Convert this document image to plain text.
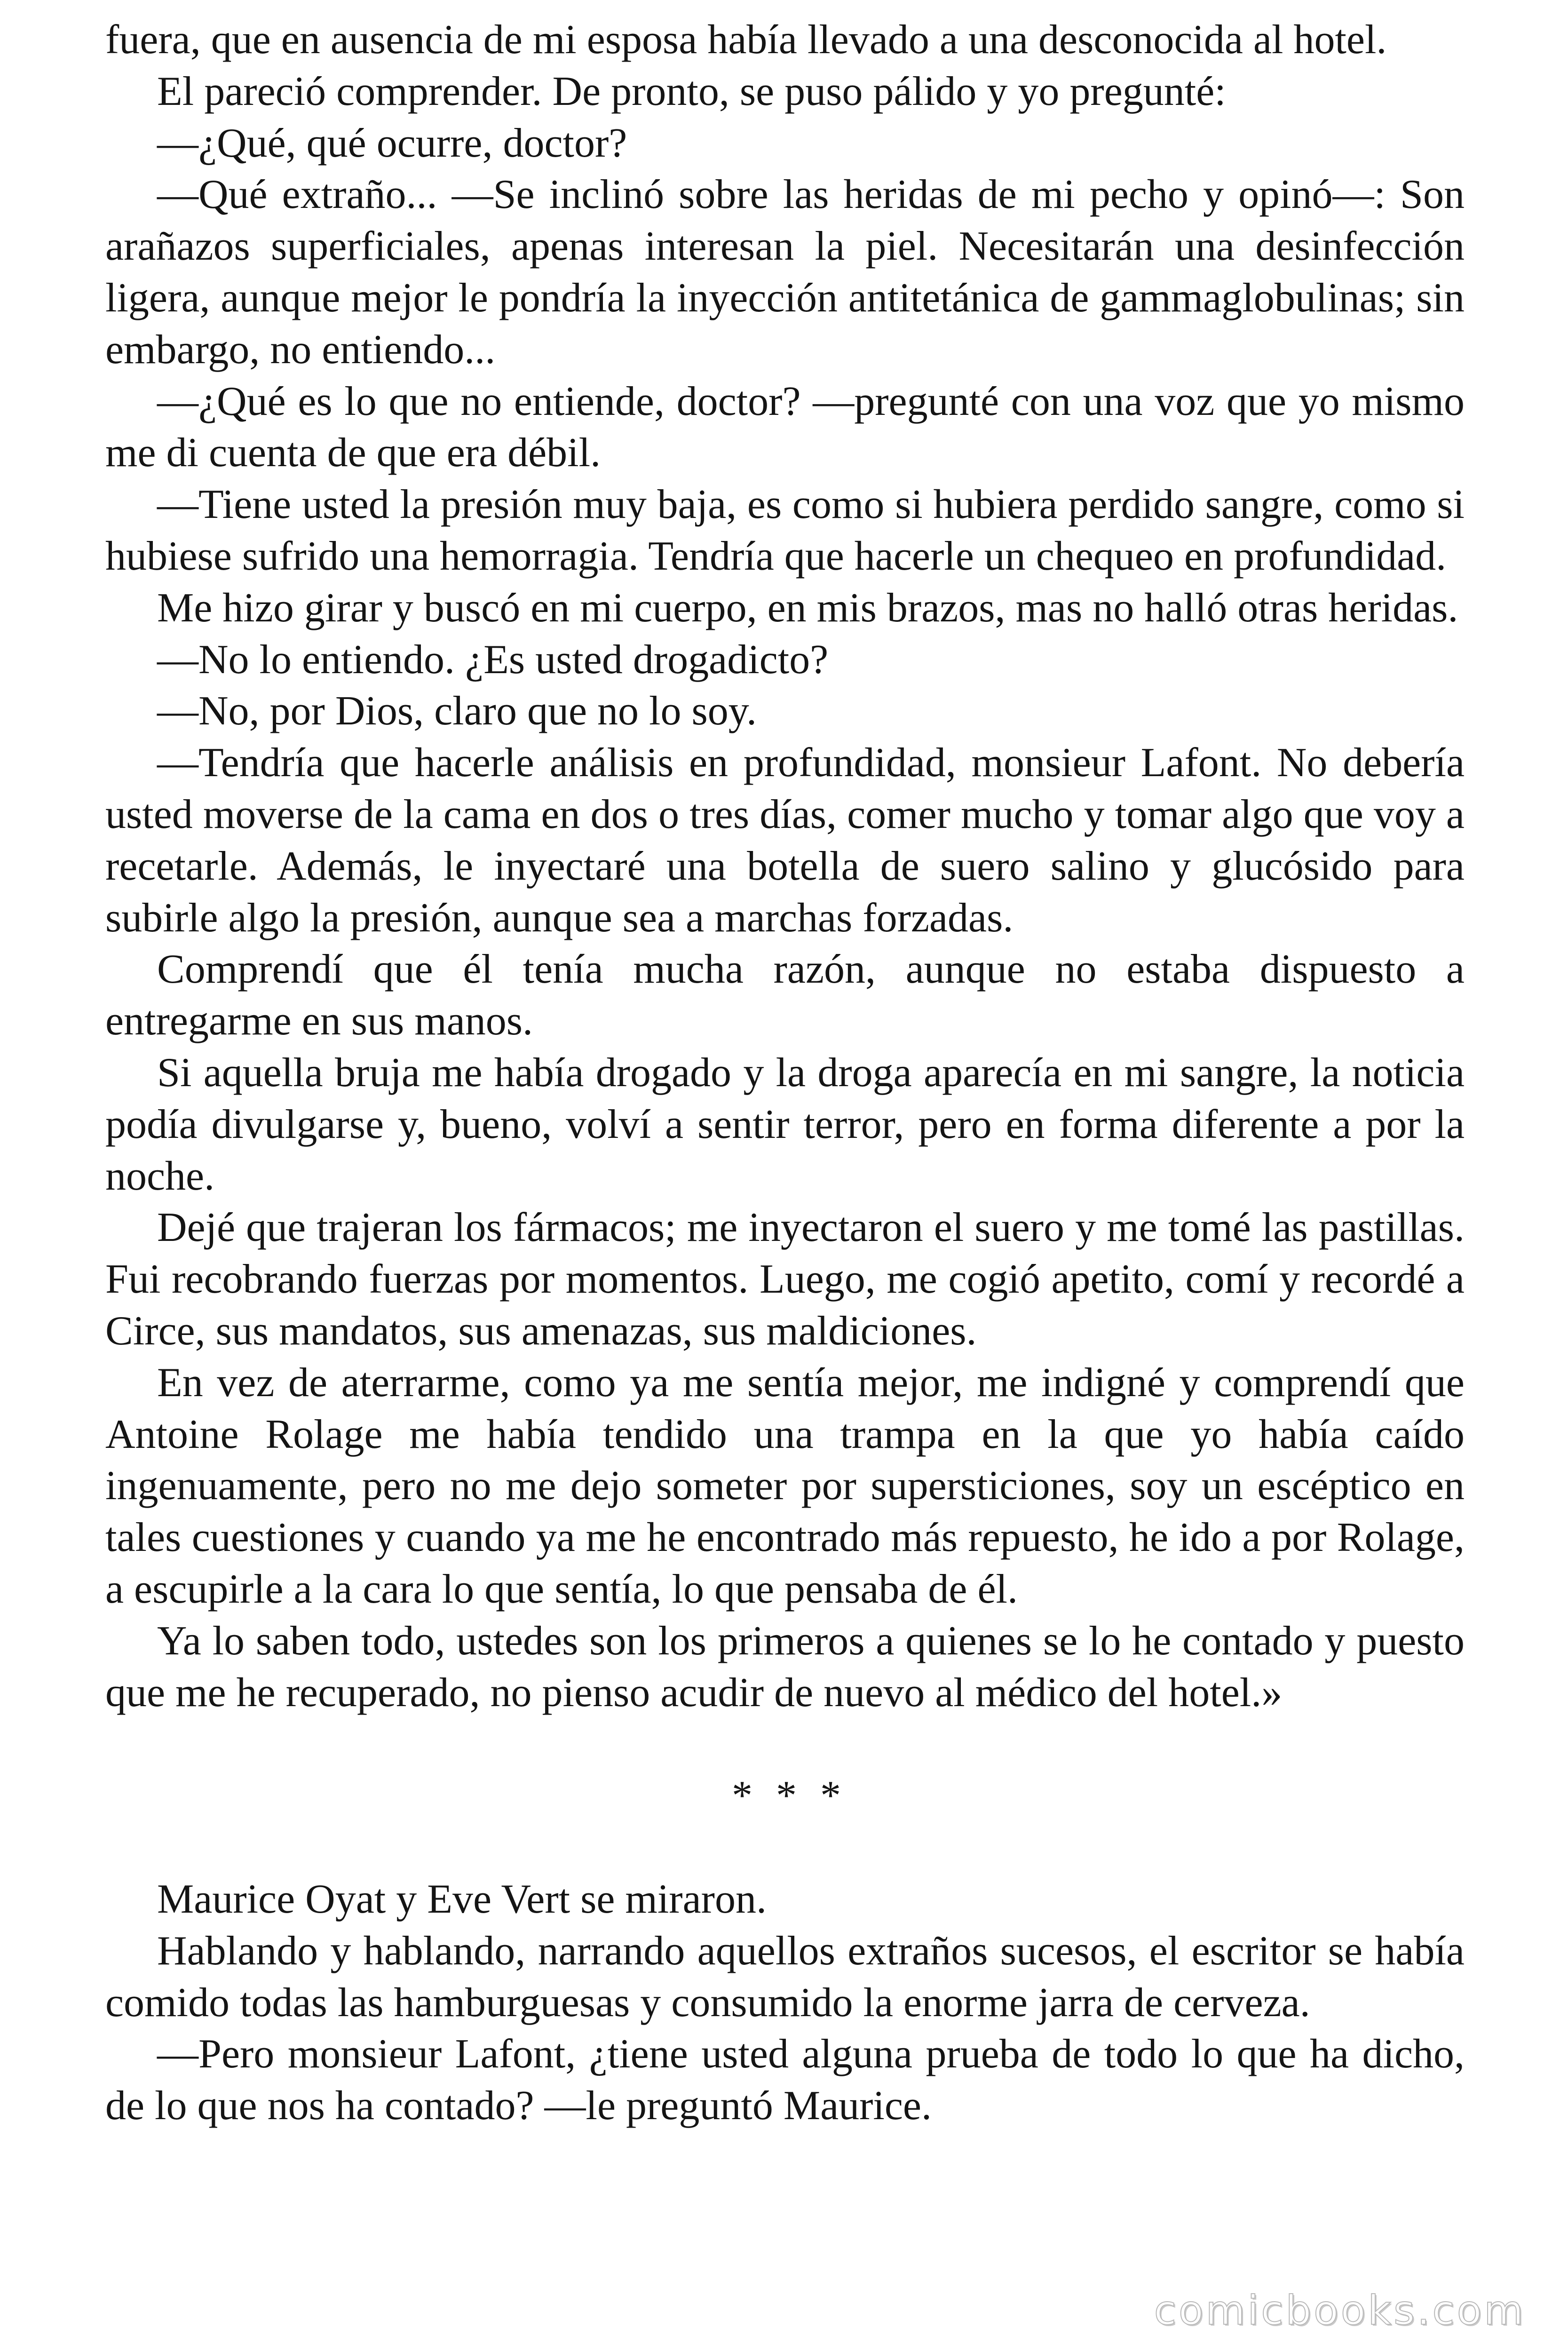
fuera, que en ausencia de mi esposa había llevado a una desconocida al hotel.

El pareció comprender. De pronto, se puso pálido y yo pregunté:

—¿Qué, qué ocurre, doctor?

—Qué extraño... —Se inclinó sobre las heridas de mi pecho y opinó—: Son arañazos superficiales, apenas interesan la piel. Necesitarán una desinfección ligera, aunque mejor le pondría la inyección antitetánica de gammaglobulinas; sin embargo, no entiendo...

—¿Qué es lo que no entiende, doctor? —pregunté con una voz que yo mismo me di cuenta de que era débil.

—Tiene usted la presión muy baja, es como si hubiera perdido sangre, como si hubiese sufrido una hemorragia. Tendría que hacerle un chequeo en profundidad.

Me hizo girar y buscó en mi cuerpo, en mis brazos, mas no halló otras heridas.

—No lo entiendo. ¿Es usted drogadicto?

—No, por Dios, claro que no lo soy.

—Tendría que hacerle análisis en profundidad, monsieur Lafont. No debería usted moverse de la cama en dos o tres días, comer mucho y tomar algo que voy a recetarle. Además, le inyectaré una botella de suero salino y glucósido para subirle algo la presión, aunque sea a marchas forzadas.

Comprendí que él tenía mucha razón, aunque no estaba dispuesto a entregarme en sus manos.

Si aquella bruja me había drogado y la droga aparecía en mi sangre, la noticia podía divulgarse y, bueno, volví a sentir terror, pero en forma diferente a por la noche.

Dejé que trajeran los fármacos; me inyectaron el suero y me tomé las pastillas. Fui recobrando fuerzas por momentos. Luego, me cogió apetito, comí y recordé a Circe, sus mandatos, sus amenazas, sus maldiciones.

En vez de aterrarme, como ya me sentía mejor, me indigné y comprendí que Antoine Rolage me había tendido una trampa en la que yo había caído ingenuamente, pero no me dejo someter por supersticiones, soy un escéptico en tales cuestiones y cuando ya me he encontrado más repuesto, he ido a por Rolage, a escupirle a la cara lo que sentía, lo que pensaba de él.

Ya lo saben todo, ustedes son los primeros a quienes se lo he contado y puesto que me he recuperado, no pienso acudir de nuevo al médico del hotel.»

* * *

Maurice Oyat y Eve Vert se miraron.

Hablando y hablando, narrando aquellos extraños sucesos, el escritor se había comido todas las hamburguesas y consumido la enorme jarra de cerveza.

—Pero monsieur Lafont, ¿tiene usted alguna prueba de todo lo que ha dicho, de lo que nos ha contado? —le preguntó Maurice.

comicbooks.com
